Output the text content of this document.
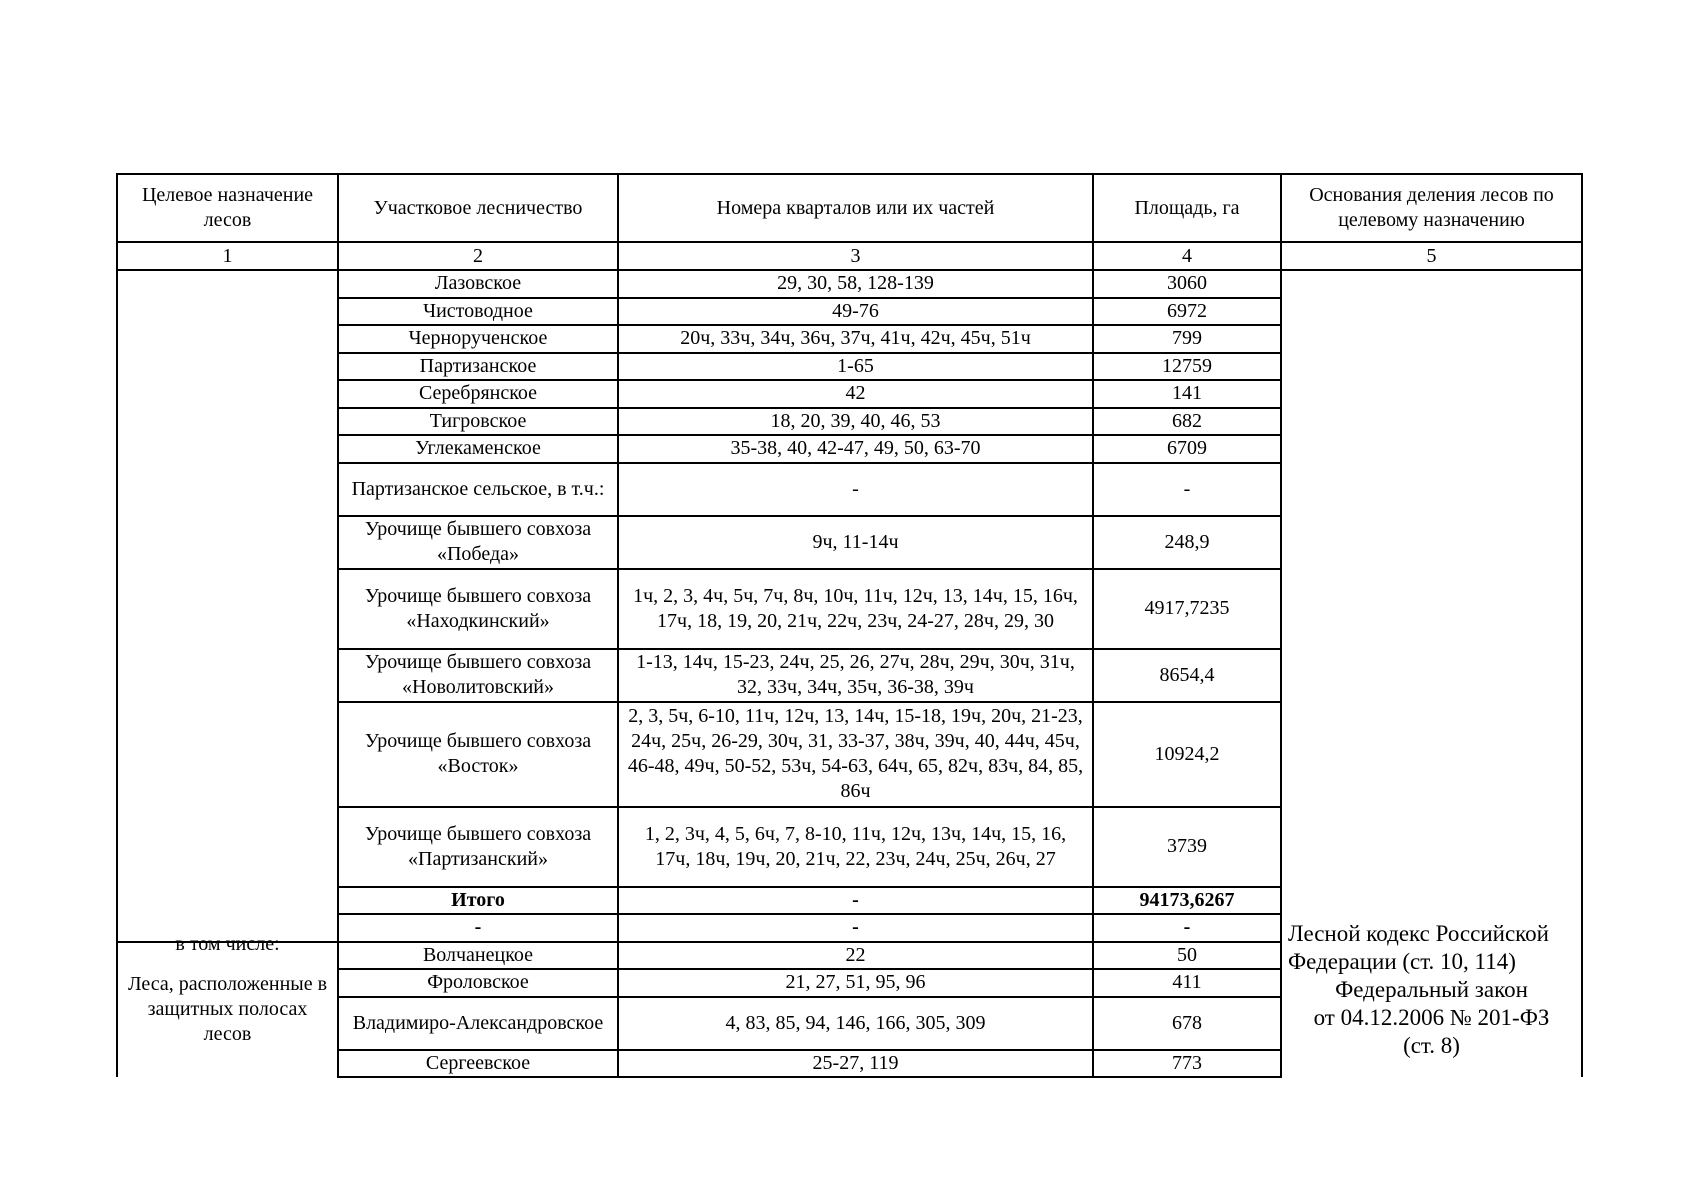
Целевое назначение лесов	Участковое лесничество	Номера кварталов или их частей	Площадь, га	Основания деления лесов по целевому назначению
1	2	3	4	5
	Лазовское	29, 30, 58, 128-139	3060	Лесной кодекс Российской
Федерации (ст. 10, 114)
Федеральный закон
от 04.12.2006 № 201-ФЗ
(ст. 8)

	Чистоводное	49-76	6972	
	Черноручeнское	20ч, 33ч, 34ч, 36ч, 37ч, 41ч, 42ч, 45ч, 51ч	799	
	Партизанское	1-65	12759	
	Серебрянское	42	141	
	Тигровское	18, 20, 39, 40, 46, 53	682	
	Углекаменское	35-38, 40, 42-47, 49, 50, 63-70	6709	
	Партизанское сельское, в т.ч.:	-	-	
	Урочище бывшего совхоза «Победа»	9ч, 11-14ч	248,9	
	Урочище бывшего совхоза «Находкинский»	1ч, 2, 3, 4ч, 5ч, 7ч, 8ч, 10ч, 11ч, 12ч, 13, 14ч, 15, 16ч, 17ч, 18, 19, 20, 21ч, 22ч, 23ч, 24-27, 28ч, 29, 30	4917,7235	
	Урочище бывшего совхоза «Новолитовский»	1-13, 14ч, 15-23, 24ч, 25, 26, 27ч, 28ч, 29ч, 30ч, 31ч, 32, 33ч, 34ч, 35ч, 36-38, 39ч	8654,4	
	Урочище бывшего совхоза «Восток»	2, 3, 5ч, 6-10, 11ч, 12ч, 13, 14ч, 15-18, 19ч, 20ч, 21-23, 24ч, 25ч, 26-29, 30ч, 31, 33-37, 38ч, 39ч, 40, 44ч, 45ч, 46-48, 49ч, 50-52, 53ч, 54-63, 64ч, 65, 82ч, 83ч, 84, 85, 86ч	10924,2	
	Урочище бывшего совхоза «Партизанский»	1, 2, 3ч, 4, 5, 6ч, 7, 8-10, 11ч, 12ч, 13ч, 14ч, 15, 16, 17ч, 18ч, 19ч, 20, 21ч, 22, 23ч, 24ч, 25ч, 26ч, 27	3739	
	Итого	-	94173,6267	
	-	-	-	

в том числе:
Леса, расположенные в защитных полосах лесов	Волчанецкое	22	50	
	Фроловское	21, 27, 51, 95, 96	411	
	Владимиро-Александровское	4, 83, 85, 94, 146, 166, 305, 309	678	
	Сергеевское	25-27, 119	773	
